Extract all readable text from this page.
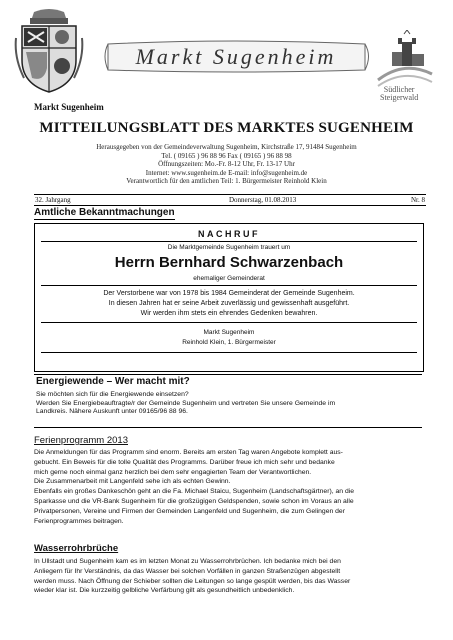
Markt Sugenheim
Südlicher
Steigerwald
Markt Sugenheim
MITTEILUNGSBLATT DES MARKTES SUGENHEIM
Herausgegeben von der Gemeindeverwaltung Sugenheim, Kirchstraße 17, 91484 Sugenheim
Tel. ( 09165 ) 96 88 96 Fax ( 09165 ) 96 88 98
Öffnungszeiten: Mo.-Fr. 8-12 Uhr, Fr. 13-17 Uhr
Internet: www.sugenheim.de E-mail: info@sugenheim.de
Verantwortlich für den amtlichen Teil: 1. Bürgermeister Reinhold Klein
32. Jahrgang	Donnerstag, 01.08.2013	Nr. 8
Amtliche Bekanntmachungen
NACHRUF
Die Marktgemeinde Sugenheim trauert um
Herrn Bernhard Schwarzenbach
ehemaliger Gemeinderat
Der Verstorbene war von 1978 bis 1984 Gemeinderat der Gemeinde Sugenheim.
In diesen Jahren hat er seine Arbeit zuverlässig und gewissenhaft ausgeführt.
Wir werden ihm stets ein ehrendes Gedenken bewahren.
Markt Sugenheim
Reinhold Klein, 1. Bürgermeister
Energiewende – Wer macht mit?
Sie möchten sich für die Energiewende einsetzen?
Werden Sie Energiebeauftragte/r der Gemeinde Sugenheim und vertreten Sie unsere Gemeinde im
Landkreis. Nähere Auskunft unter 09165/96 88 96.
Ferienprogramm 2013
Die Anmeldungen für das Programm sind enorm. Bereits am ersten Tag waren Angebote komplett aus-
gebucht. Ein Beweis für die tolle Qualität des Programms. Darüber freue ich mich sehr und bedanke
mich gerne noch einmal ganz herzlich bei dem sehr engagierten Team der Verantwortlichen.
Die Zusammenarbeit mit Langenfeld sehe ich als echten Gewinn.
Ebenfalls ein großes Dankeschön geht an die Fa. Michael Staicu, Sugenheim (Landschaftsgärtner), an die
Sparkasse und die VR-Bank Sugenheim für die großzügigen Geldspenden, sowie schon im Voraus an alle
Privatpersonen, Vereine und Firmen der Gemeinden Langenfeld und Sugenheim, die zum Gelingen der
Ferienprogrammes beitragen.
Wasserrohrbrüche
In Ullstadt und Sugenheim kam es im letzten Monat zu Wasserrohrbrüchen. Ich bedanke mich bei den
Anliegern für Ihr Verständnis, da das Wasser bei solchen Vorfällen in ganzen Straßenzügen abgestellt
werden muss. Nach Öffnung der Schieber sollten die Leitungen so lange gespült werden, bis das Wasser
wieder klar ist. Die kurzzeitig gelbliche Verfärbung gilt als gesundheitlich unbedenklich.
